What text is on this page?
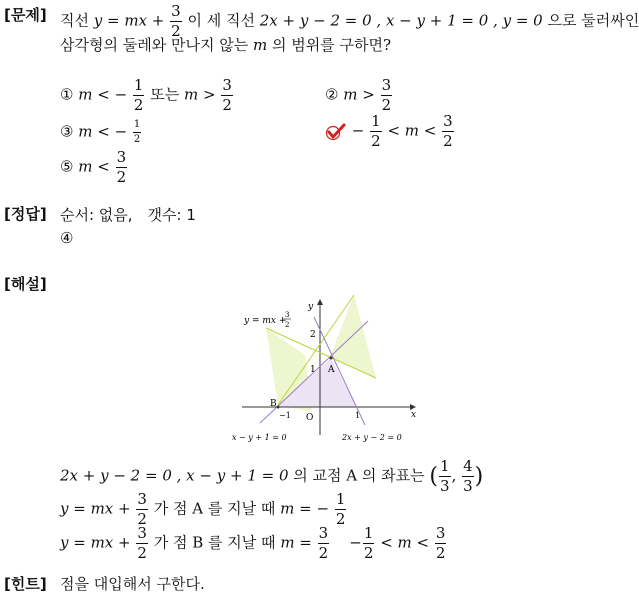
[문제]
[정답]
[해설]
[힌트]
직선 y = mx + $\frac{3}{2}$ 이 세 직선 2x + y − 2 = 0 , x − y + 1 = 0 , y = 0 으로 둘러싸인
삼각형의 둘레와 만나지 않는 m 의 범위를 구하면?
① m < − $\frac{1}{2}$ 또는 $m > \frac{3}{2}$	② $m > \frac{3}{2}$
③ m < − $\frac{1}{2}$	− $\frac{1}{2} < m < \frac{3}{2}$
⑤ $m < \frac{3}{2}$
순서: 없음,　갯수: 1
④
y = mx +
3
2
y
x
2
1 A
B
O
−1	1
x − y + 1 = 0	2x + y − 2 = 0
2x + y − 2 = 0 , x − y + 1 = 0 의 교점 A 의 좌표는 ( $\frac{1}{3}$ , $\frac{4}{3}$ )
y = mx + $\frac{3}{2}$ 가 점 A 를 지날 때 m = − $\frac{1}{2}$
y = mx + $\frac{3}{2}$ 가 점 B 를 지날 때 $m = \frac{3}{2} - \frac{1}{2} < m < \frac{3}{2}$
점을 대입해서 구한다.
